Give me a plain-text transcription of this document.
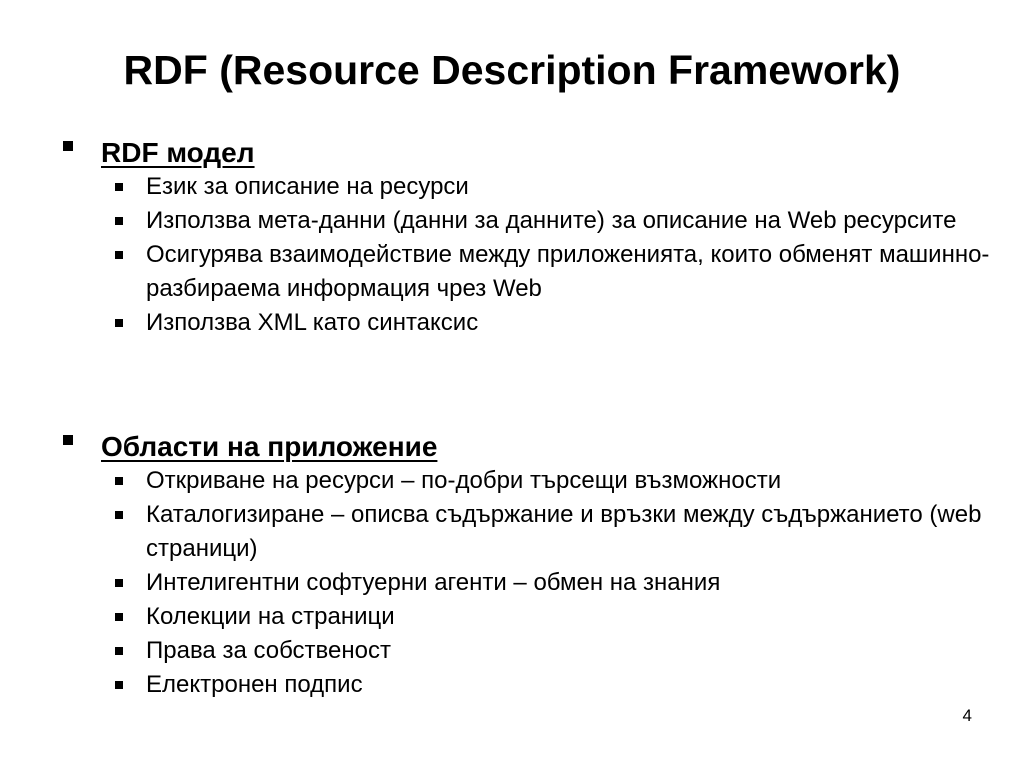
RDF (Resource Description Framework)
RDF модел
Език за описание на ресурси
Използва мета-данни (данни за данните) за описание на Web ресурсите
Осигурява взаимодействие между приложенията, които обменят машинно-разбираема информация чрез Web
Използва XML като синтаксис
Области на приложение
Откриване на ресурси – по-добри търсещи възможности
Каталогизиране – описва съдържание и връзки между съдържанието (web страници)
Интелигентни софтуерни агенти – обмен на знания
Колекции на страници
Права за собственост
Електронен подпис
4
